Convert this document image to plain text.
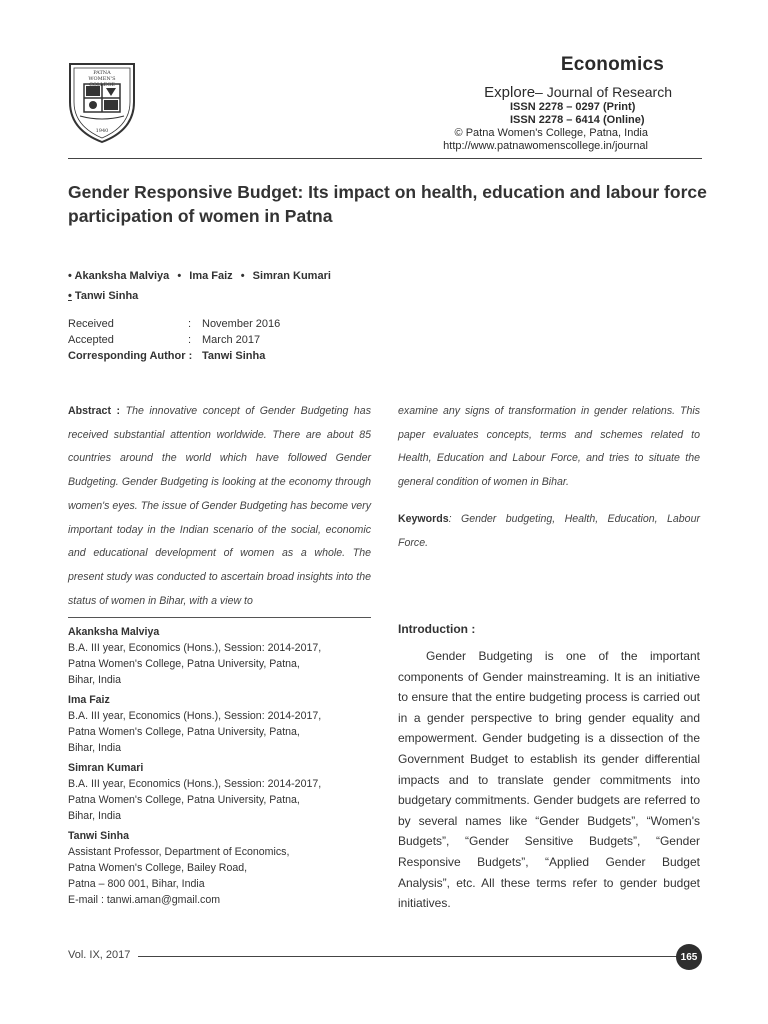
PATNA WOMEN'S COLLEGE
1940
Economics
Explore– Journal of Research
ISSN 2278 – 0297 (Print)
ISSN 2278 – 6414 (Online)
© Patna Women's College, Patna, India
http://www.patnawomenscollege.in/journal
Gender Responsive Budget: Its impact on health, education and labour force participation of women in Patna
• Akanksha Malviya • Ima Faiz • Simran Kumari
• Tanwi Sinha
Received	: November 2016
Accepted	: March 2017
Corresponding Author : Tanwi Sinha
Abstract : The innovative concept of Gender Budgeting has received substantial attention worldwide. There are about 85 countries around the world which have followed Gender Budgeting. Gender Budgeting is looking at the economy through women's eyes. The issue of Gender Budgeting has become very important today in the Indian scenario of the social, economic and educational development of women as a whole. The present study was conducted to ascertain broad insights into the status of women in Bihar, with a view to
examine any signs of transformation in gender relations. This paper evaluates concepts, terms and schemes related to Health, Education and Labour Force, and tries to situate the general condition of women in Bihar.
Keywords: Gender budgeting, Health, Education, Labour Force.
Akanksha Malviya
B.A. III year, Economics (Hons.), Session: 2014-2017,
Patna Women's College, Patna University, Patna,
Bihar, India
Ima Faiz
B.A. III year, Economics (Hons.), Session: 2014-2017,
Patna Women's College, Patna University, Patna,
Bihar, India
Simran Kumari
B.A. III year, Economics (Hons.), Session: 2014-2017,
Patna Women's College, Patna University, Patna,
Bihar, India
Tanwi Sinha
Assistant Professor, Department of Economics,
Patna Women's College, Bailey Road,
Patna – 800 001, Bihar, India
E-mail : tanwi.aman@gmail.com
Introduction :

Gender Budgeting is one of the important components of Gender mainstreaming. It is an initiative to ensure that the entire budgeting process is carried out in a gender perspective to bring gender equality and empowerment. Gender budgeting is a dissection of the Government Budget to establish its gender differential impacts and to translate gender commitments into budgetary commitments. Gender budgets are referred to by several names like “Gender Budgets”, “Women's Budgets”, “Gender Sensitive Budgets”, “Gender Responsive Budgets”, “Applied Gender Budget Analysis”, etc. All these terms refer to gender budget initiatives.

Vol. IX, 2017	165
